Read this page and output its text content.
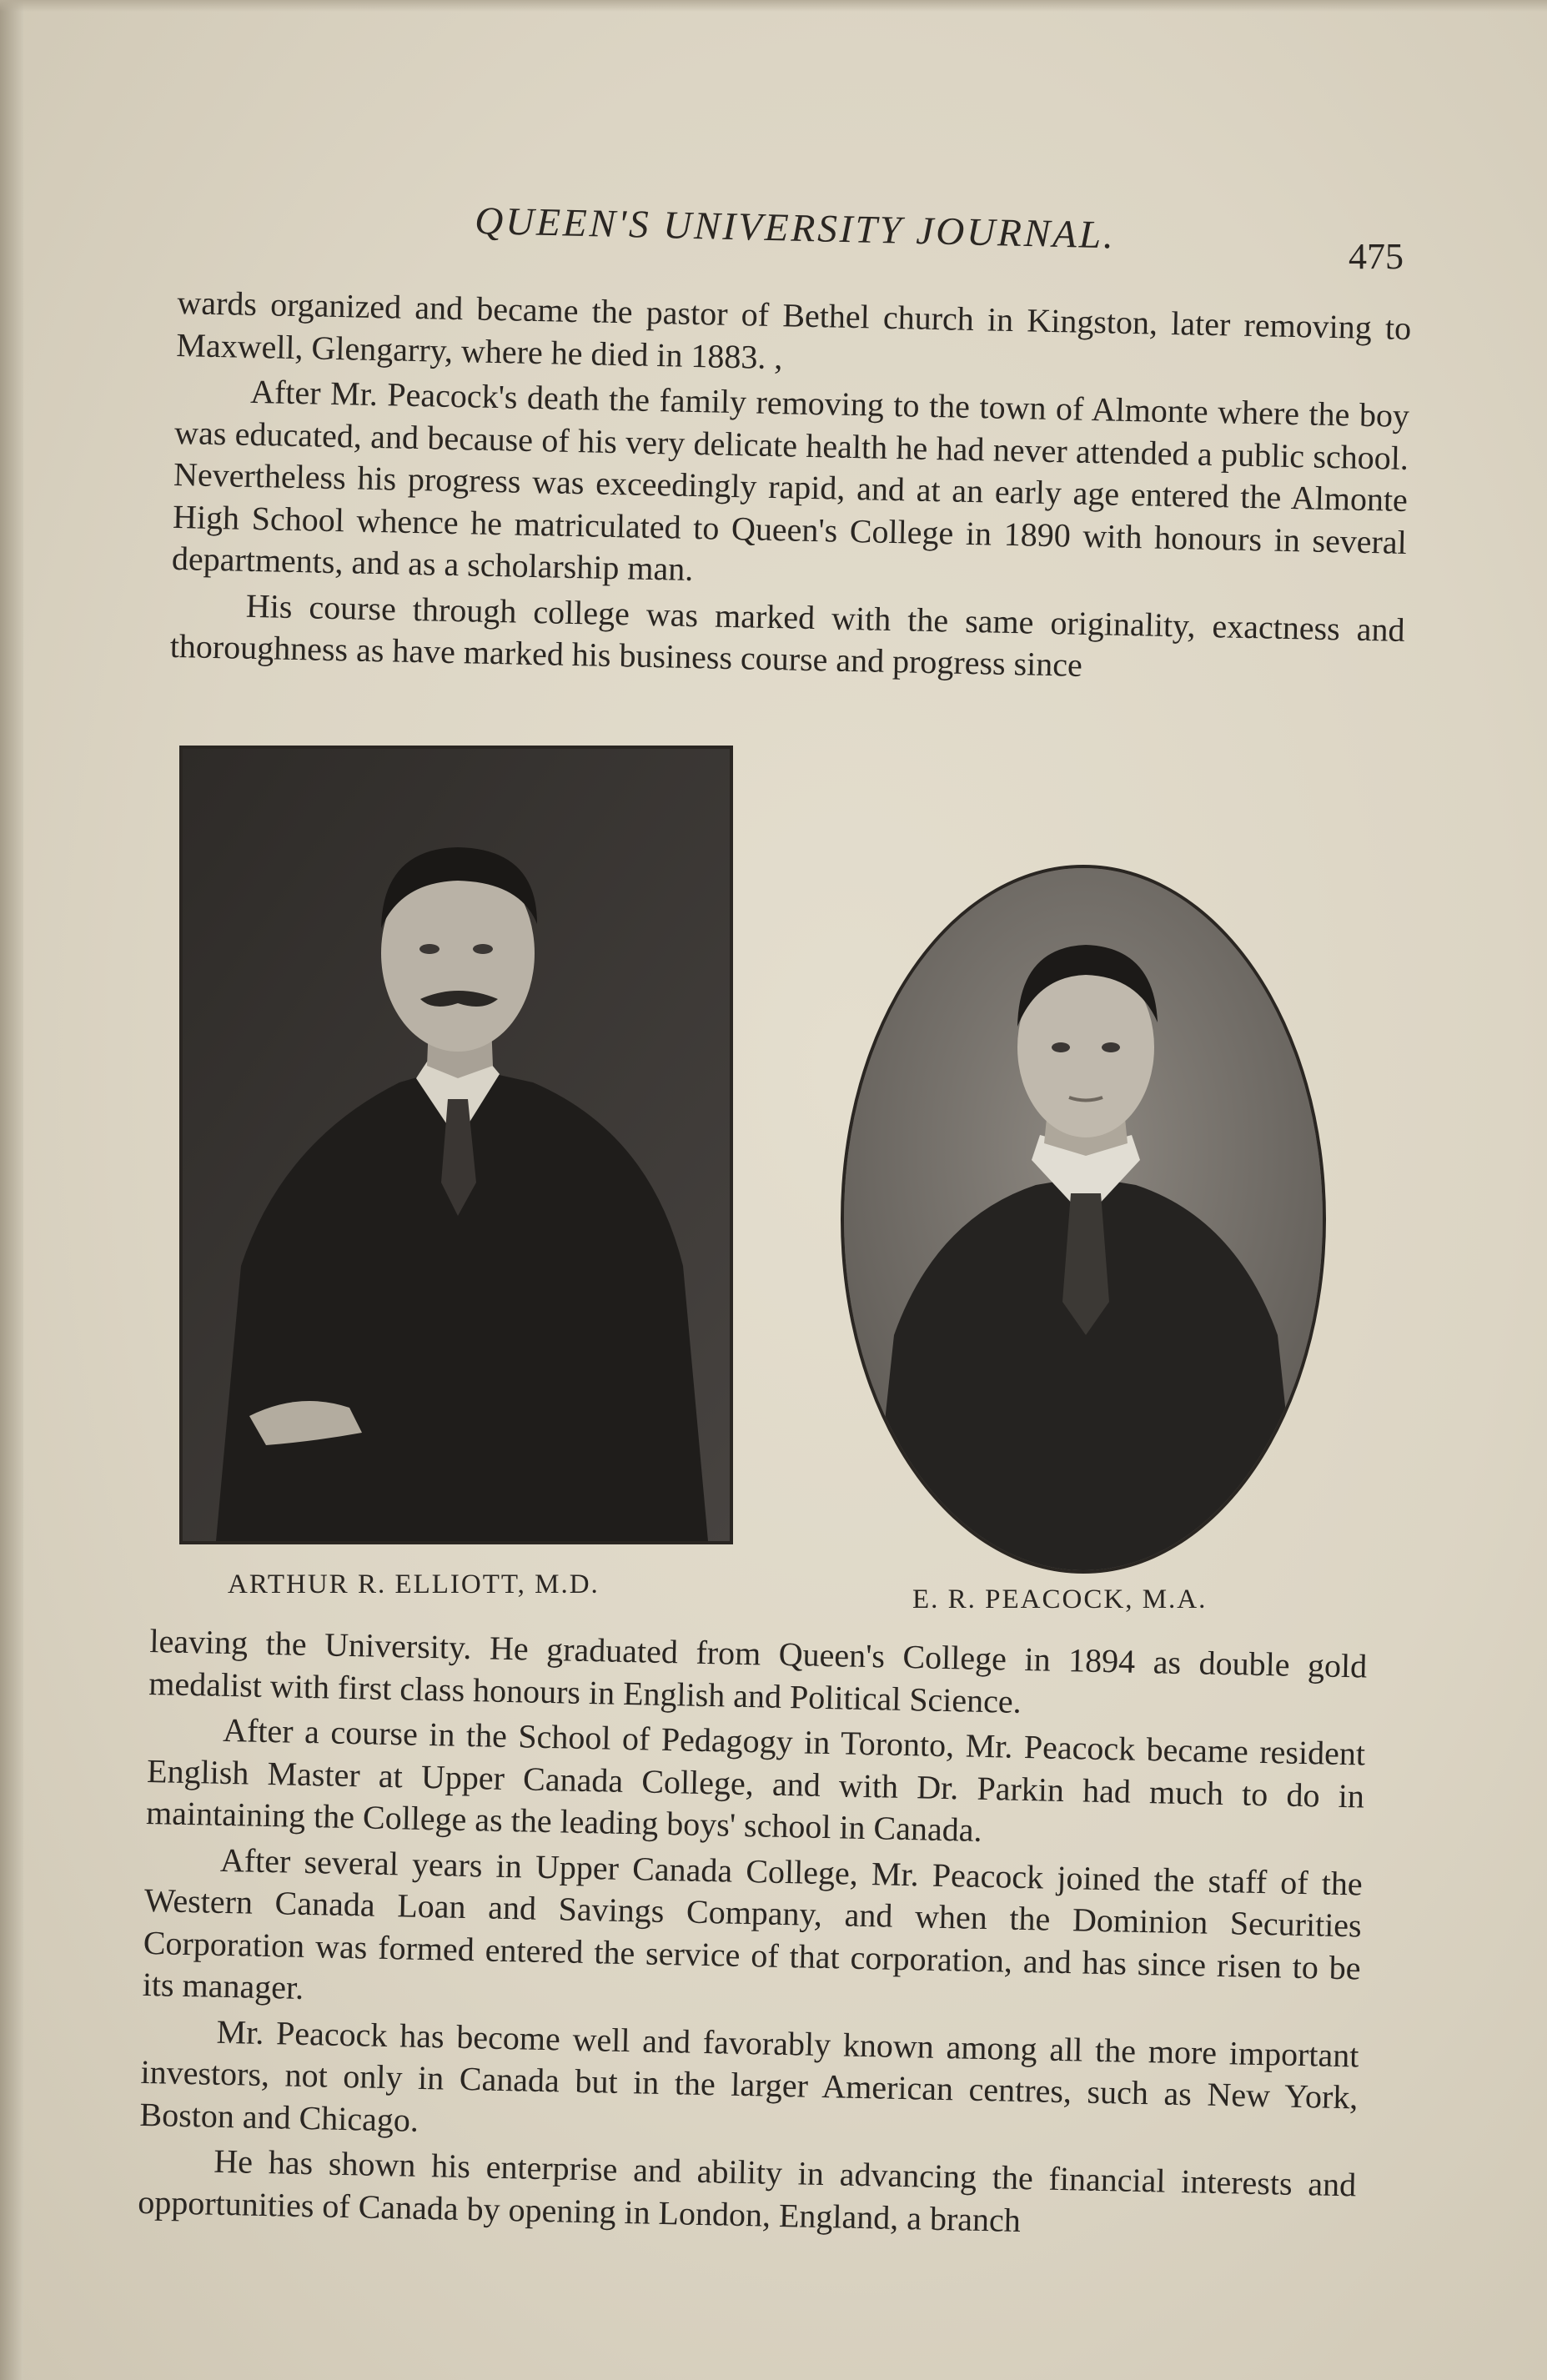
QUEEN'S UNIVERSITY JOURNAL.	475

wards organized and became the pastor of Bethel church in Kingston, later removing to Maxwell, Glengarry, where he died in 1883. ,

After Mr. Peacock's death the family removing to the town of Almonte where the boy was educated, and because of his very delicate health he had never attended a public school. Nevertheless his progress was exceedingly rapid, and at an early age entered the Almonte High School whence he matriculated to Queen's College in 1890 with honours in several departments, and as a scholarship man.

His course through college was marked with the same originality, exactness and thoroughness as have marked his business course and progress since

ARTHUR R. ELLIOTT, M.D.	E. R. PEACOCK, M.A.

leaving the University. He graduated from Queen's College in 1894 as double gold medalist with first class honours in English and Political Science.

After a course in the School of Pedagogy in Toronto, Mr. Peacock became resident English Master at Upper Canada College, and with Dr. Parkin had much to do in maintaining the College as the leading boys' school in Canada.

After several years in Upper Canada College, Mr. Peacock joined the staff of the Western Canada Loan and Savings Company, and when the Dominion Securities Corporation was formed entered the service of that corporation, and has since risen to be its manager.

Mr. Peacock has become well and favorably known among all the more important investors, not only in Canada but in the larger American centres, such as New York, Boston and Chicago.

He has shown his enterprise and ability in advancing the financial interests and opportunities of Canada by opening in London, England, a branch
